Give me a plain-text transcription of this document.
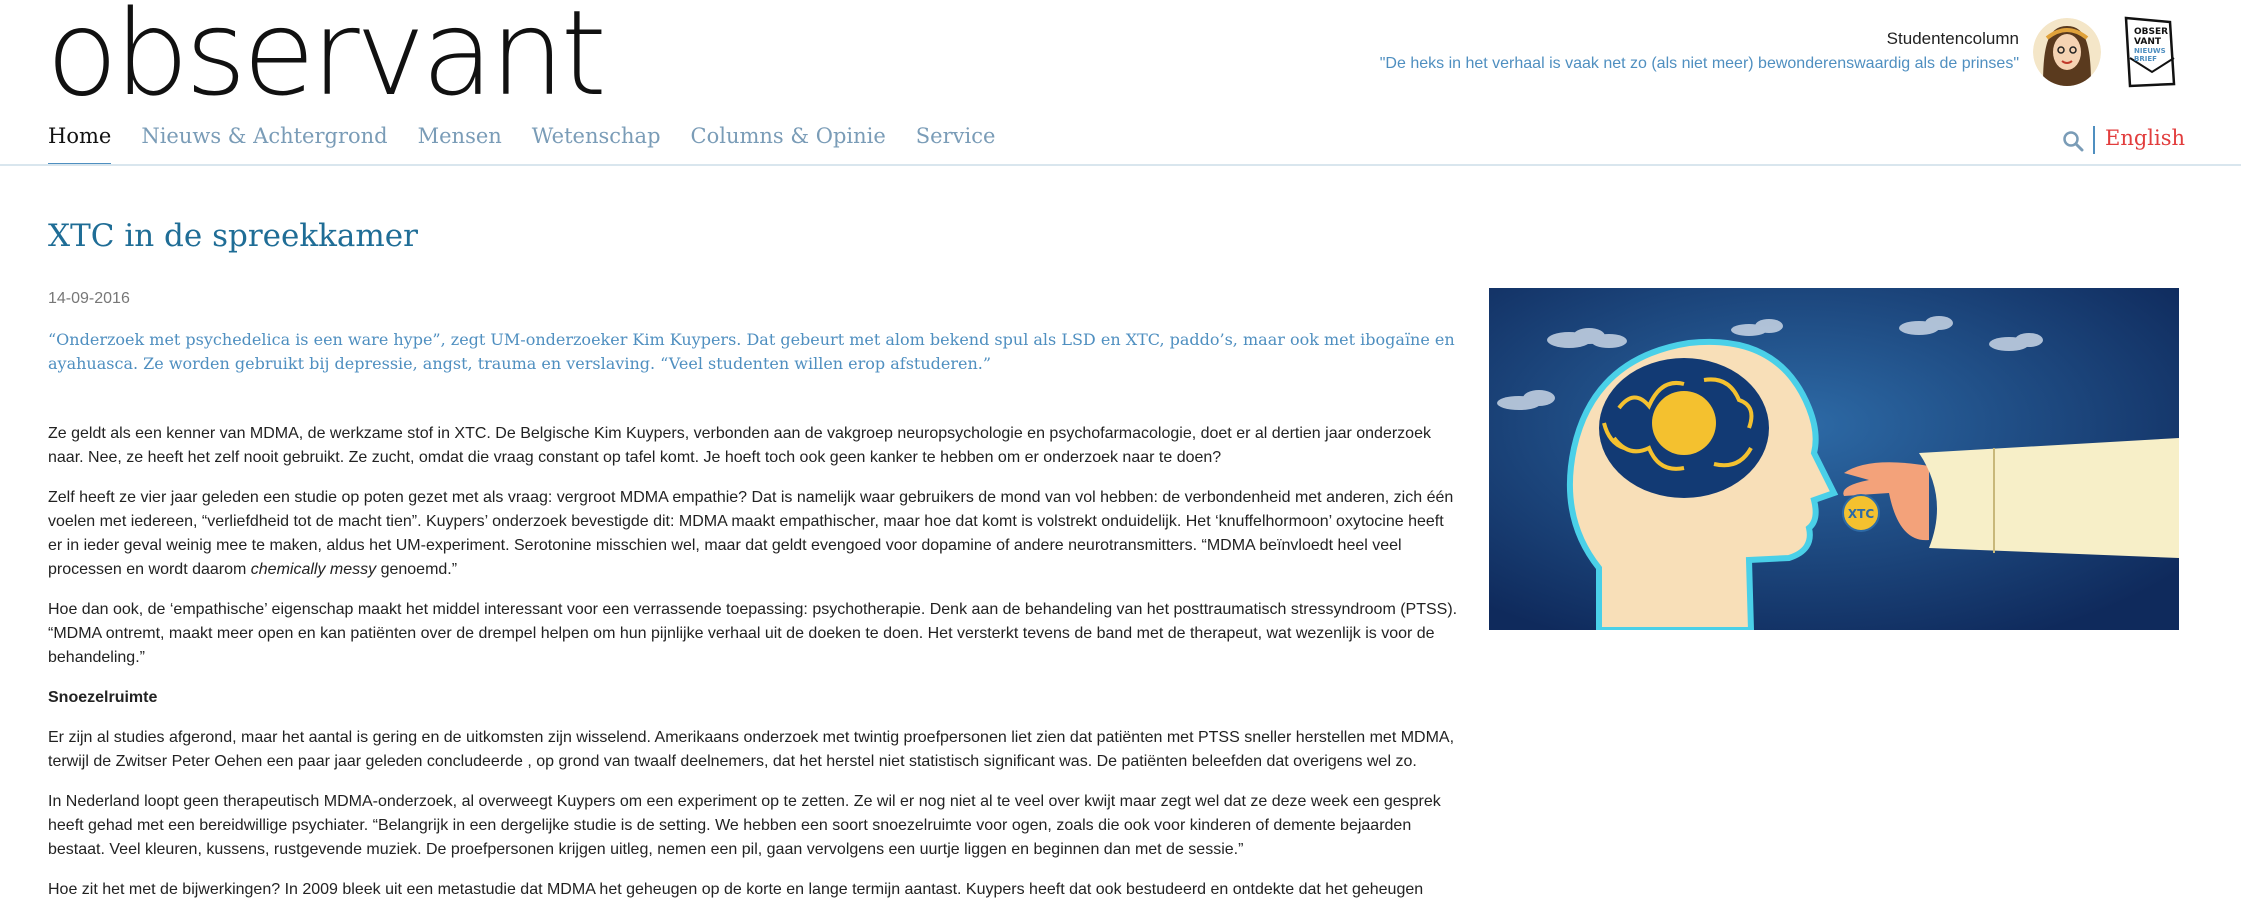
observant	Studentencolumn
"De heks in het verhaal is vaak net zo (als niet meer) bewonderenswaardig als de prinses"
OBSER
VANT
NIEUWS
BRIEF
Home Nieuws & Achtergrond Mensen Wetenschap Columns & Opinie Service	English
XTC in de spreekkamer
14-09-2016
“Onderzoek met psychedelica is een ware hype”, zegt UM-onderzoeker Kim Kuypers. Dat gebeurt met alom bekend spul als LSD en XTC, paddo’s, maar ook met ibogaïne en ayahuasca. Ze worden gebruikt bij depressie, angst, trauma en verslaving. “Veel studenten willen erop afstuderen.”

Ze geldt als een kenner van MDMA, de werkzame stof in XTC. De Belgische Kim Kuypers, verbonden aan de vakgroep neuropsychologie en psychofarmacologie, doet er al dertien jaar onderzoek naar. Nee, ze heeft het zelf nooit gebruikt. Ze zucht, omdat die vraag constant op tafel komt. Je hoeft toch ook geen kanker te hebben om er onderzoek naar te doen?

Zelf heeft ze vier jaar geleden een studie op poten gezet met als vraag: vergroot MDMA empathie? Dat is namelijk waar gebruikers de mond van vol hebben: de verbondenheid met anderen, zich één voelen met iedereen, “verliefdheid tot de macht tien”. Kuypers’ onderzoek bevestigde dit: MDMA maakt empathischer, maar hoe dat komt is volstrekt onduidelijk. Het ‘knuffelhormoon’ oxytocine heeft er in ieder geval weinig mee te maken, aldus het UM-experiment. Serotonine misschien wel, maar dat geldt evengoed voor dopamine of andere neurotransmitters. “MDMA beïnvloedt heel veel processen en wordt daarom chemically messy genoemd.”

Hoe dan ook, de ‘empathische’ eigenschap maakt het middel interessant voor een verrassende toepassing: psychotherapie. Denk aan de behandeling van het posttraumatisch stressyndroom (PTSS). “MDMA ontremt, maakt meer open en kan patiënten over de drempel helpen om hun pijnlijke verhaal uit de doeken te doen. Het versterkt tevens de band met de therapeut, wat wezenlijk is voor de behandeling.”

Snoezelruimte

Er zijn al studies afgerond, maar het aantal is gering en de uitkomsten zijn wisselend. Amerikaans onderzoek met twintig proefpersonen liet zien dat patiënten met PTSS sneller herstellen met MDMA, terwijl de Zwitser Peter Oehen een paar jaar geleden concludeerde , op grond van twaalf deelnemers, dat het herstel niet statistisch significant was. De patiënten beleefden dat overigens wel zo.

In Nederland loopt geen therapeutisch MDMA-onderzoek, al overweegt Kuypers om een experiment op te zetten. Ze wil er nog niet al te veel over kwijt maar zegt wel dat ze deze week een gesprek heeft gehad met een bereidwillige psychiater. “Belangrijk in een dergelijke studie is de setting. We hebben een soort snoezelruimte voor ogen, zoals die ook voor kinderen of demente bejaarden bestaat. Veel kleuren, kussens, rustgevende muziek. De proefpersonen krijgen uitleg, nemen een pil, gaan vervolgens een uurtje liggen en beginnen dan met de sessie.”

Hoe zit het met de bijwerkingen? In 2009 bleek uit een metastudie dat MDMA het geheugen op de korte en lange termijn aantast. Kuypers heeft dat ook bestudeerd en ontdekte dat het geheugen

XTC
